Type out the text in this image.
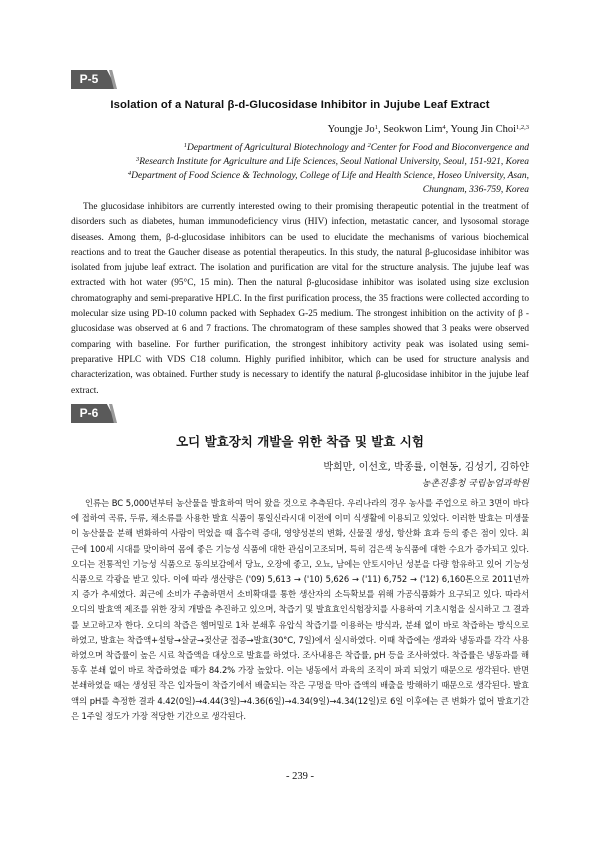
P-5
Isolation of a Natural β-d-Glucosidase Inhibitor in Jujube Leaf Extract
Youngje Jo$^1$, Seokwon Lim$^4$, Young Jin Choi$^{1,2,3}$
$^1$Department of Agricultural Biotechnology and $^2$Center for Food and Bioconvergence and
$^3$Research Institute for Agriculture and Life Sciences, Seoul National University, Seoul, 151-921, Korea
$^4$Department of Food Science & Technology, College of Life and Health Science, Hoseo University, Asan,
Chungnam, 336-759, Korea

The glucosidase inhibitors are currently interested owing to their promising therapeutic potential in the treatment of disorders such as diabetes, human immunodeficiency virus (HIV) infection, metastatic cancer, and lysosomal storage diseases. Among them, β-d-glucosidase inhibitors can be used to elucidate the mechanisms of various biochemical reactions and to treat the Gaucher disease as potential therapeutics. In this study, the natural β-glucosidase inhibitor was isolated from jujube leaf extract. The isolation and purification are vital for the structure analysis. The jujube leaf was extracted with hot water (95°C, 15 min). Then the natural β-glucosidase inhibitor was isolated using size exclusion chromatography and semi-preparative HPLC. In the first purification process, the 35 fractions were collected according to molecular size using PD-10 column packed with Sephadex G-25 medium. The strongest inhibition on the activity of β -glucosidase was observed at 6 and 7 fractions. The chromatogram of these samples showed that 3 peaks were observed comparing with baseline. For further purification, the strongest inhibitory activity peak was isolated using semi-preparative HPLC with VDS C18 column. Highly purified inhibitor, which can be used for structure analysis and characterization, was obtained. Further study is necessary to identify the natural β-glucosidase inhibitor in the jujube leaf extract.

P-6
오디 발효장치 개발을 위한 착즙 및 발효 시험
박희만, 이선호, 박종률, 이현동, 김성기, 김하얀
농촌진흥청 국립농업과학원

인류는 BC 5,000년부터 농산물을 발효하여 먹어 왔을 것으로 추측된다. 우리나라의 경우 농사를 주업으로 하고 3면이 바다에 접하여 곡류, 두류, 채소류를 사용한 발효 식품이 통일신라시대 이전에 이미 식생활에 이용되고 있었다. 이러한 발효는 미생물이 농산물을 분해 변화하여 사람이 먹었을 때 흡수력 증대, 영양성분의 변화, 신물질 생성, 항산화 효과 등의 좋은 점이 있다. 최근에 100세 시대를 맞이하여 몸에 좋은 기능성 식품에 대한 관심이고조되며, 특히 검은색 농식품에 대한 수요가 증가되고 있다. 오디는 전통적인 기능성 식품으로 동의보감에서 당뇨, 오장에 좋고, 오뇨, 남에는 안토시아닌 성분을 다량 함유하고 있어 기능성 식품으로 각광을 받고 있다. 이에 따라 생산량은 ('09) 5,613 → ('10) 5,626 → ('11) 6,752 → ('12) 6,160톤으로 2011년까지 증가 추세였다. 최근에 소비가 주춤하면서 소비확대를 통한 생산자의 소득확보를 위해 가공식품화가 요구되고 있다. 따라서 오디의 발효액 제조를 위한 장치 개발을 추진하고 있으며, 착즙기 및 발효효인식험장치를 사용하여 기초시험을 실시하고 그 결과를 보고하고자 한다. 오디의 착즙은 헴머밀로 1차 분쇄후 유압식 착즙기를 이용하는 방식과, 분쇄 없이 바로 착즙하는 방식으로 하였고, 발효는 착즙액+설탕→살균→젖산균 접종→발효(30°C, 7일)에서 실시하였다. 이때 착즙에는 생과와 냉동과를 각각 사용하였으며 착즙률이 높은 시료 착즙액을 대상으로 발효를 하였다. 조사내용은 착즙률, pH 등을 조사하였다. 착즙률은 냉동과를 해동후 분쇄 없이 바로 착즙하였을 때가 84.2% 가장 높았다. 이는 냉동에서 과육의 조직이 파괴 되었기 때문으로 생각된다. 반면 분쇄하였을 때는 생성된 작은 입자들이 착즙기에서 배출되는 작은 구멍을 막아 즙액의 배출을 방해하기 때문으로 생각된다. 발효액의 pH를 측정한 결과 4.42(0일)→4.44(3일)→4.36(6일)→4.34(9일)→4.34(12일)로 6일 이후에는 큰 변화가 없어 발효기간은 1주일 정도가 가장 적당한 기간으로 생각된다.

- 239 -
